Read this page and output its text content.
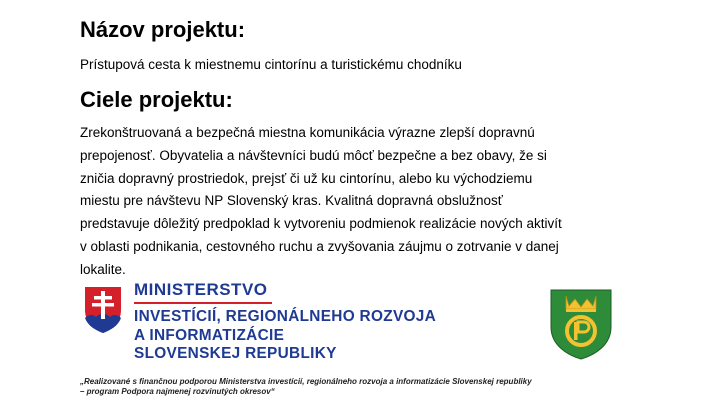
Názov projektu:
Prístupová cesta k miestnemu cintorínu a turistickému chodníku
Ciele projektu:
Zrekonštruovaná a bezpečná miestna komunikácia výrazne zlepší dopravnú
prepojenosť. Obyvatelia a návštevníci budú môcť bezpečne a bez obavy, že si
zničia dopravný prostriedok, prejsť či už ku cintorínu, alebo ku východziemu
miestu pre návštevu NP Slovenský kras. Kvalitná dopravná obslužnosť
predstavuje dôležitý predpoklad k vytvoreniu podmienok realizácie nových aktivít
v oblasti podnikania, cestovného ruchu a zvyšovania záujmu o zotrvanie v danej
lokalite.
MINISTERSTVO
INVESTÍCIÍ, REGIONÁLNEHO ROZVOJA
A INFORMATIZÁCIE
SLOVENSKEJ REPUBLIKY
„Realizované s finančnou podporou Ministerstva investícií, regionálneho rozvoja a informatizácie Slovenskej republiky
– program Podpora najmenej rozvinutých okresov“
